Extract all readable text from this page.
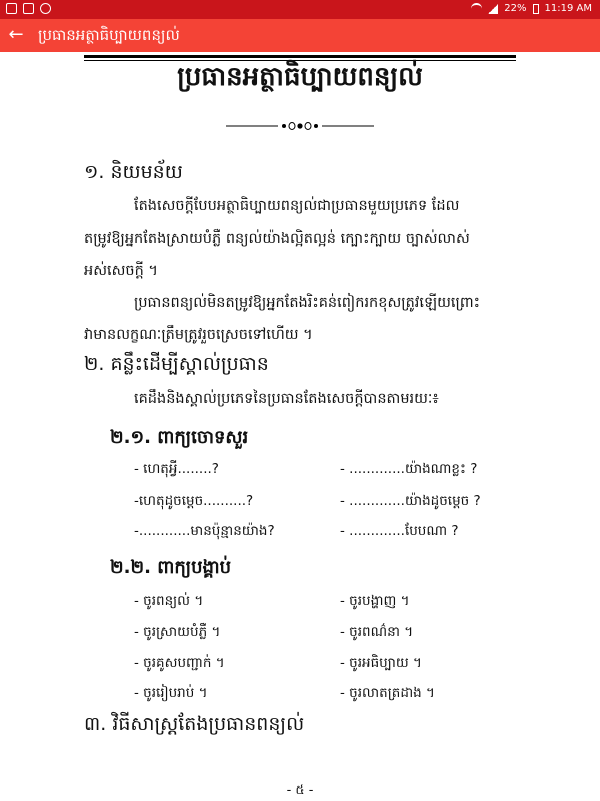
22% 11:19 AM
← ប្រធានអត្ថាធិប្បាយពន្យល់
ប្រធានអត្ថាធិប្បាយពន្យល់
១. និយមន័យ
តែងសេចក្ដីបែបអត្ថាធិប្បាយពន្យល់ជាប្រធានមួយប្រភេទ ដែល
តម្រូវឱ្យអ្នកតែងស្រាយបំភ្លឺ ពន្យល់យ៉ាងល្អិតល្អន់ ក្បោះក្បាយ ច្បាស់លាស់
អស់សេចក្ដី ។
ប្រធានពន្យល់មិនតម្រូវឱ្យអ្នកតែងរិះគន់ពៀករកខុសត្រូវឡើយព្រោះ
វាមានលក្ខណៈត្រឹមត្រូវរួចស្រេចទៅហើយ ។
២. គន្លឹះដើម្បីស្គាល់ប្រធាន
គេដឹងនិងស្គាល់ប្រភេទនៃប្រធានតែងសេចក្ដីបានតាមរយៈ៖
២.១. ពាក្យចោទសួរ
- ហេតុអ្វី........?
-ហេតុដូចម្ដេច..........?
-............មានប៉ុន្មានយ៉ាង?
- .............យ៉ាងណាខ្លះ ?
- .............យ៉ាងដូចម្ដេច ?
- .............បែបណា ?
២.២. ពាក្យបង្គាប់
- ចូរពន្យល់ ។
- ចូរស្រាយបំភ្លឺ ។
- ចូរគូសបញ្ជាក់ ។
- ចូររៀបរាប់ ។
- ចូរបង្ហាញ ។
- ចូរពណ៌នា ។
- ចូរអធិប្បាយ ។
- ចូរលាតត្រដាង ។
៣. វិធីសាស្ត្រតែងប្រធានពន្យល់
- ៥ -
